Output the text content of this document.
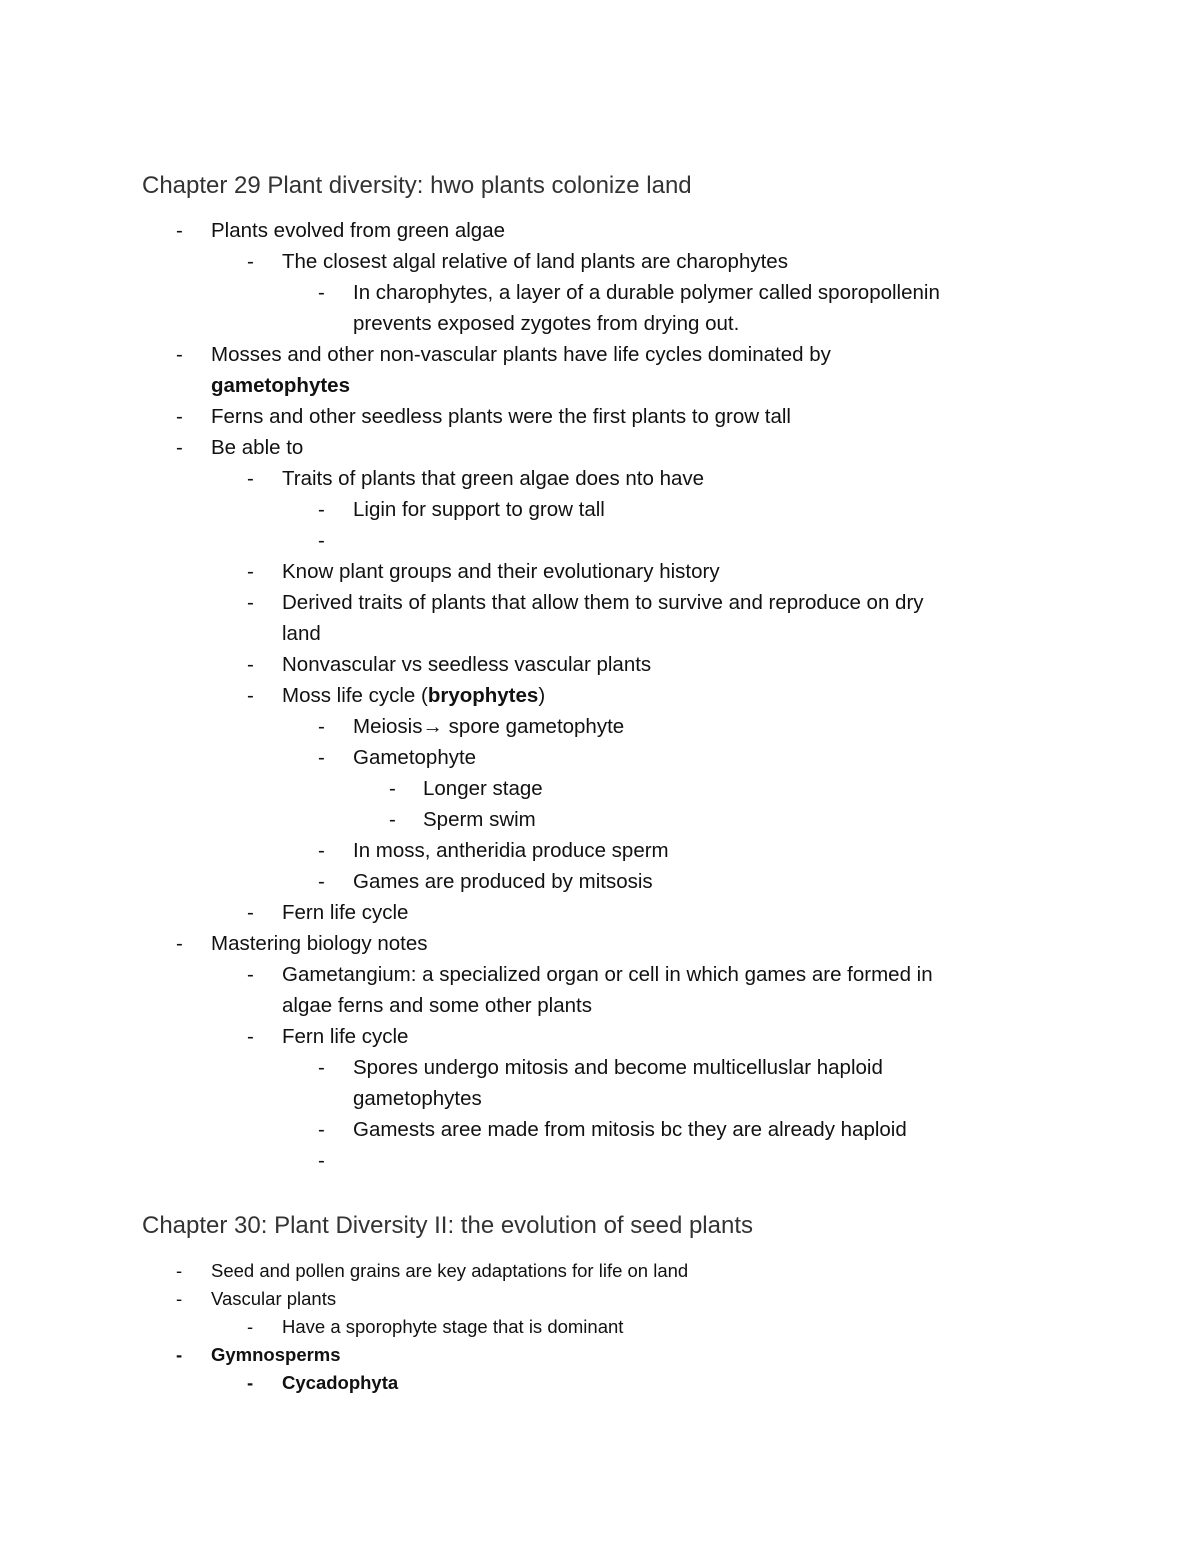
Chapter 29 Plant diversity: hwo plants colonize land
- Plants evolved from green algae
- The closest algal relative of land plants are charophytes
- In charophytes, a layer of a durable polymer called sporopollenin
prevents exposed zygotes from drying out.
- Mosses and other non-vascular plants have life cycles dominated by
gametophytes
- Ferns and other seedless plants were the first plants to grow tall
- Be able to
- Traits of plants that green algae does nto have
- Ligin for support to grow tall
-
- Know plant groups and their evolutionary history
- Derived traits of plants that allow them to survive and reproduce on dry
land
- Nonvascular vs seedless vascular plants
- Moss life cycle (bryophytes)
- Meiosis→ spore gametophyte
- Gametophyte
- Longer stage
- Sperm swim
- In moss, antheridia produce sperm
- Games are produced by mitsosis
- Fern life cycle
- Mastering biology notes
- Gametangium: a specialized organ or cell in which games are formed in
algae ferns and some other plants
- Fern life cycle
- Spores undergo mitosis and become multicelluslar haploid
gametophytes
- Gamests aree made from mitosis bc they are already haploid
-
Chapter 30: Plant Diversity II: the evolution of seed plants
- Seed and pollen grains are key adaptations for life on land
- Vascular plants
- Have a sporophyte stage that is dominant
- Gymnosperms
- Cycadophyta
